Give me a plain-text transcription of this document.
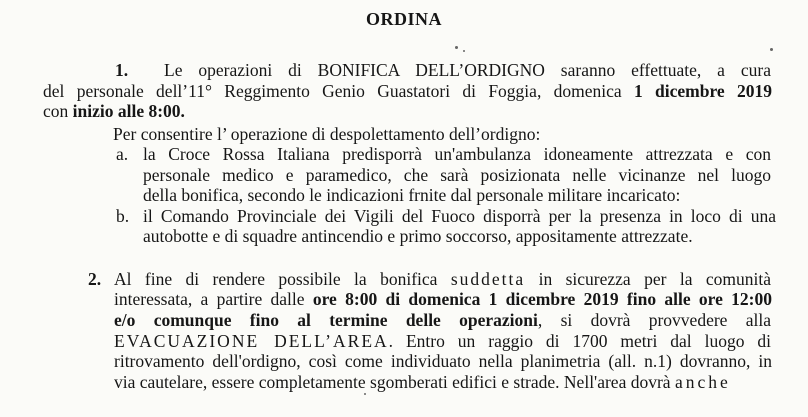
ORDINA
1. Le operazioni di BONIFICA DELL’ORDIGNO saranno effettuate, a cura
del personale dell’11° Reggimento Genio Guastatori di Foggia, domenica 1 dicembre 2019
con inizio alle 8:00.
Per consentire l’ operazione di despolettamento dell’ordigno:
a. la Croce Rossa Italiana predisporrà un'ambulanza idoneamente attrezzata e con
personale medico e paramedico, che sarà posizionata nelle vicinanze nel luogo
della bonifica, secondo le indicazioni frnite dal personale militare incaricato:
b. il Comando Provinciale dei Vigili del Fuoco disporrà per la presenza in loco di una
autobotte e di squadre antincendio e primo soccorso, appositamente attrezzate.
2. Al fine di rendere possibile la bonifica suddetta in sicurezza per la comunità
interessata, a partire dalle ore 8:00 di domenica 1 dicembre 2019 fino alle ore 12:00
e/o comunque fino al termine delle operazioni, si dovrà provvedere alla
EVACUAZIONE DELL’AREA. Entro un raggio di 1700 metri dal luogo di
ritrovamento dell'ordigno, così come individuato nella planimetria (all. n.1) dovranno, in
via cautelare, essere completamente sgomberati edifici e strade. Nell'area dovrà anche
